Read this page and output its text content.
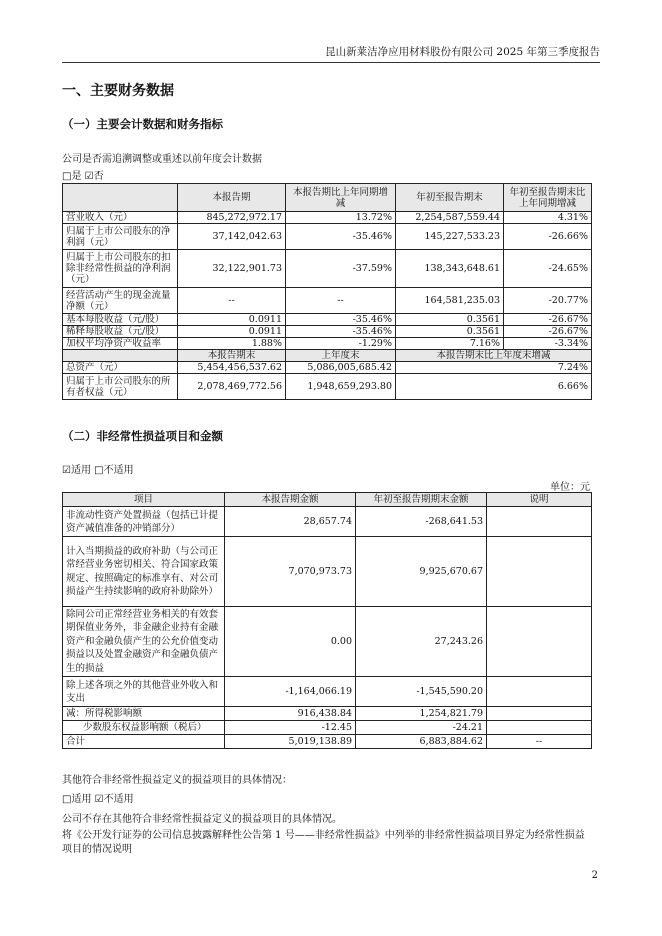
昆山新莱洁净应用材料股份有限公司 2025 年第三季度报告
一、主要财务数据
（一）主要会计数据和财务指标
公司是否需追溯调整或重述以前年度会计数据
□是 ☑否
	本报告期	本报告期比上年同期增减	年初至报告期末	年初至报告期末比上年同期增减
营业收入（元）	845,272,972.17	13.72%	2,254,587,559.44	4.31%
归属于上市公司股东的净利润（元）	37,142,042.63	-35.46%	145,227,533.23	-26.66%
归属于上市公司股东的扣除非经常性损益的净利润（元）	32,122,901.73	-37.59%	138,343,648.61	-24.65%
经营活动产生的现金流量净额（元）	--	--	164,581,235.03	-20.77%
基本每股收益（元/股）	0.0911	-35.46%	0.3561	-26.67%
稀释每股收益（元/股）	0.0911	-35.46%	0.3561	-26.67%
加权平均净资产收益率	1.88%	-1.29%	7.16%	-3.34%
	本报告期末	上年度末	本报告期末比上年度末增减	
总资产（元）	5,454,456,537.62	5,086,005,685.42	7.24%	
归属于上市公司股东的所有者权益（元）	2,078,469,772.56	1,948,659,293.80	6.66%	
（二）非经常性损益项目和金额
☑适用 □不适用
单位：元
项目	本报告期金额	年初至报告期期末金额	说明
非流动性资产处置损益（包括已计提资产减值准备的冲销部分）	28,657.74	-268,641.53	
计入当期损益的政府补助（与公司正常经营业务密切相关、符合国家政策规定、按照确定的标准享有、对公司损益产生持续影响的政府补助除外）	7,070,973.73	9,925,670.67	
除同公司正常经营业务相关的有效套期保值业务外，非金融企业持有金融资产和金融负债产生的公允价值变动损益以及处置金融资产和金融负债产生的损益	0.00	27,243.26	
除上述各项之外的其他营业外收入和支出	-1,164,066.19	-1,545,590.20	
减：所得税影响额	916,438.84	1,254,821.79	
少数股东权益影响额（税后）	-12.45	-24.21	
合计	5,019,138.89	6,883,884.62	--
其他符合非经常性损益定义的损益项目的具体情况：
□适用 ☑不适用
公司不存在其他符合非经常性损益定义的损益项目的具体情况。
将《公开发行证券的公司信息披露解释性公告第 1 号——非经常性损益》中列举的非经常性损益项目界定为经常性损益项目的情况说明
2
